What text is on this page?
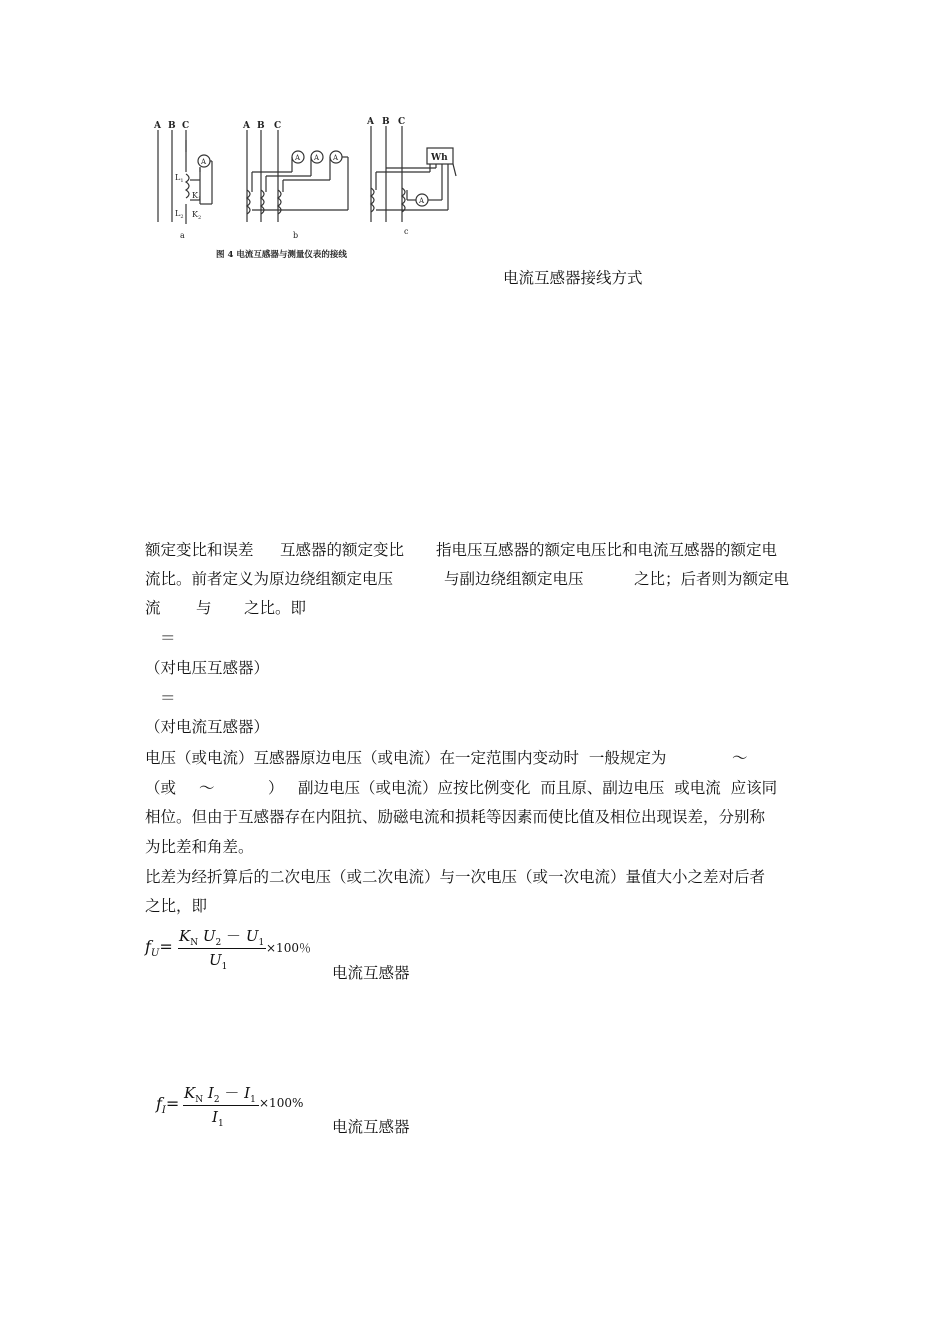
A B C	A B C	A B C
A	A A A
A
Wh
$L_1$
$L_2$
$K_1$
$K_2$
a	b	c
图 4 电流互感器与测量仪表的接线
电流互感器接线方式
额定变比和误差 互感器的额定变比 指电压互感器的额定电压比和电流互感器的额定电
流比。前者定义为原边绕组额定电压	与副边绕组额定电压	之比；后者则为额定电
流 与 之比。即
＝
（对电压互感器）
＝
（对电流互感器）
电压（或电流）互感器原边电压（或电流）在一定范围内变动时  一般规定为	～
（或 ～	） 副边电压（或电流）应按比例变化  而且原、副边电压  或电流  应该同
相位。但由于互感器存在内阻抗、励磁电流和损耗等因素而使比值及相位出现误差，分别称
为比差和角差。
比差为经折算后的二次电压（或二次电流）与一次电压（或一次电流）量值大小之差对后者
之比，即
$f_U=$
$K_N$ $U_2 - U_1$
$U_1$
×100％
电流互感器
$f_I=$
$K_N$ $I_2 - I_1$
$I_1$
×100%
电流互感器
